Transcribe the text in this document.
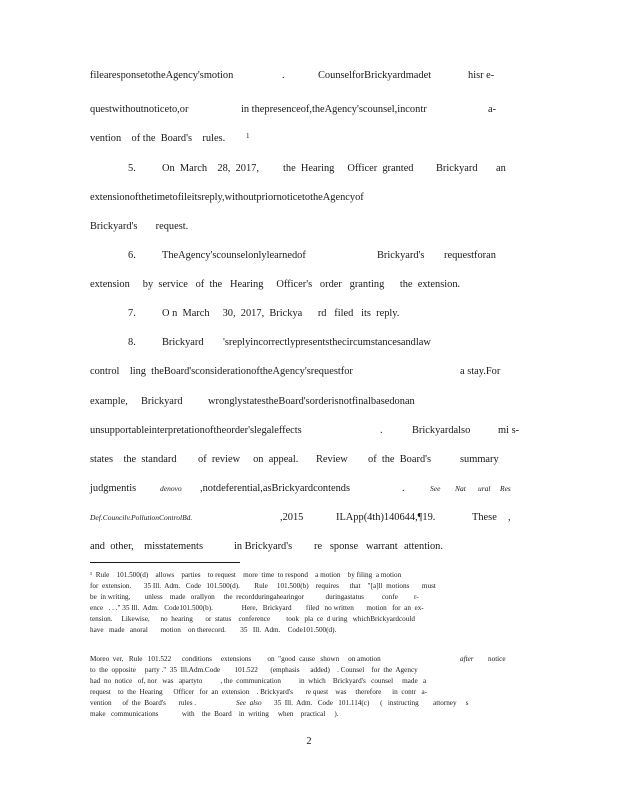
filearesponsetotheAgency'smotion	.	CounselforBrickyardmadet	hisr e-
questwithoutnoticeto,or	in thepresenceof,theAgency'scounsel,incontr	a-
vention    of the  Board's    rules.	1
5.	On  March    28,  2017, the  Hearing     Officer  granted Brickyard an
extensionofthetimetofileitsreply,withoutpriornoticetotheAgencyof
Brickyard's       request.
6.	TheAgency'scounselonlylearnedof	Brickyard's requestforan
extension     by  service   of  the   Hearing     Officer's   order   granting      the  extension.
7.	O n  March     30,  2017,  Brickya      rd   filed   its  reply.
8.	Brickyard 'sreplyincorrectlypresentsthecircumstancesandlaw
control    ling  theBoard'sconsiderationoftheAgency'srequestfor	a stay.For
example, Brickyard wronglystatestheBoard'sorderisnotfinalbasedonan
unsupportableinterpretationoftheorder'slegaleffects	.	Brickyardalso	mi s-
states    the  standard of  review     on  appeal. Review of  the  Board's	summary
judgmentis	denovo ,notdeferential,asBrickyardcontends	.	See Nat ural Res
Def.Councilv.PollutionControlBd.	,2015	ILApp(4th)140644,¶19.	These ,
and  other,    misstatements	in Brickyard's re   sponse   warrant attention.
¹  Rule    101.500(d)    allows    parties    to request    more  time  to respond    a motion    by filing  a motion
for  extension.       35 Ill.  Adm.   Code   101.500(d).        Rule     101.500(b)    requires      that    "[a]ll  motions       must
be  in writing,        unless    made   orallyon     the  recordduringahearingor            duringastatus          confe         r-
ence   . . ." 35 Ill.  Adm.   Code101.500(b).                Here,   Brickyard        filed   no written       motion   for  an  ex-
tension.     Likewise,      no  hearing       or  status    conference         took   pla  ce  d uring   whichBrickyardcould
have   made   anoral       motion    on therecord.        35   Ill.  Adm.    Code101.500(d).
Moreo  ver,   Rule   101.522      conditions     extensions         on  "good  cause   shown     on amotion	after notice
to  the  opposite     party ."  35  Ill.Adm.Code        101.522       (emphasis      added)    . Counsel    for  the  Agency
had  no  notice   of, nor   was   apartyto          , the  communication          in  which    Brickyard's   counsel     made   a
request    to  the  Hearing      Officer   for  an  extension    . Brickyard's       re quest    was     therefore      in  contr   a-
vention      of  the  Board's       rules .	See  also 35  Ill.  Adm.   Code   101.114(c)      (   instructing        attorney     s
make   communications             with    the  Board    in  writing     when    practical     ).
2
